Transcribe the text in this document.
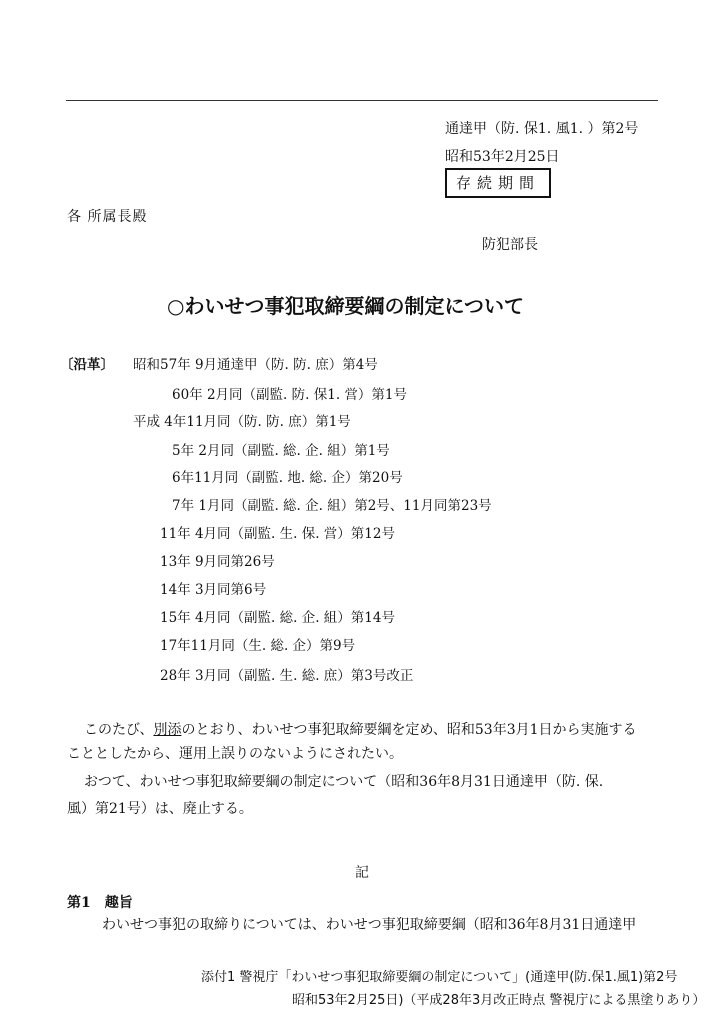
通達甲（防. 保1. 風1. ）第2号
昭和53年2月25日
存続期間
各 所属長殿
防犯部長
○わいせつ事犯取締要綱の制定について
〔沿革〕 昭和57年 9月通達甲（防. 防. 庶）第4号
60年 2月同（副監. 防. 保1. 営）第1号
平成 4年11月同（防. 防. 庶）第1号
5年 2月同（副監. 総. 企. 組）第1号
6年11月同（副監. 地. 総. 企）第20号
7年 1月同（副監. 総. 企. 組）第2号、11月同第23号
11年 4月同（副監. 生. 保. 営）第12号
13年 9月同第26号
14年 3月同第6号
15年 4月同（副監. 総. 企. 組）第14号
17年11月同（生. 総. 企）第9号
28年 3月同（副監. 生. 総. 庶）第3号改正
このたび、別添のとおり、わいせつ事犯取締要綱を定め、昭和53年3月1日から実施する
こととしたから、運用上誤りのないようにされたい。
おつて、わいせつ事犯取締要綱の制定について（昭和36年8月31日通達甲（防. 保.
風）第21号）は、廃止する。
記
第1　趣旨
わいせつ事犯の取締りについては、わいせつ事犯取締要綱（昭和36年8月31日通達甲
添付1 警視庁「わいせつ事犯取締要綱の制定について」(通達甲(防.保1.風1)第2号
昭和53年2月25日)（平成28年3月改正時点 警視庁による黒塗りあり）
